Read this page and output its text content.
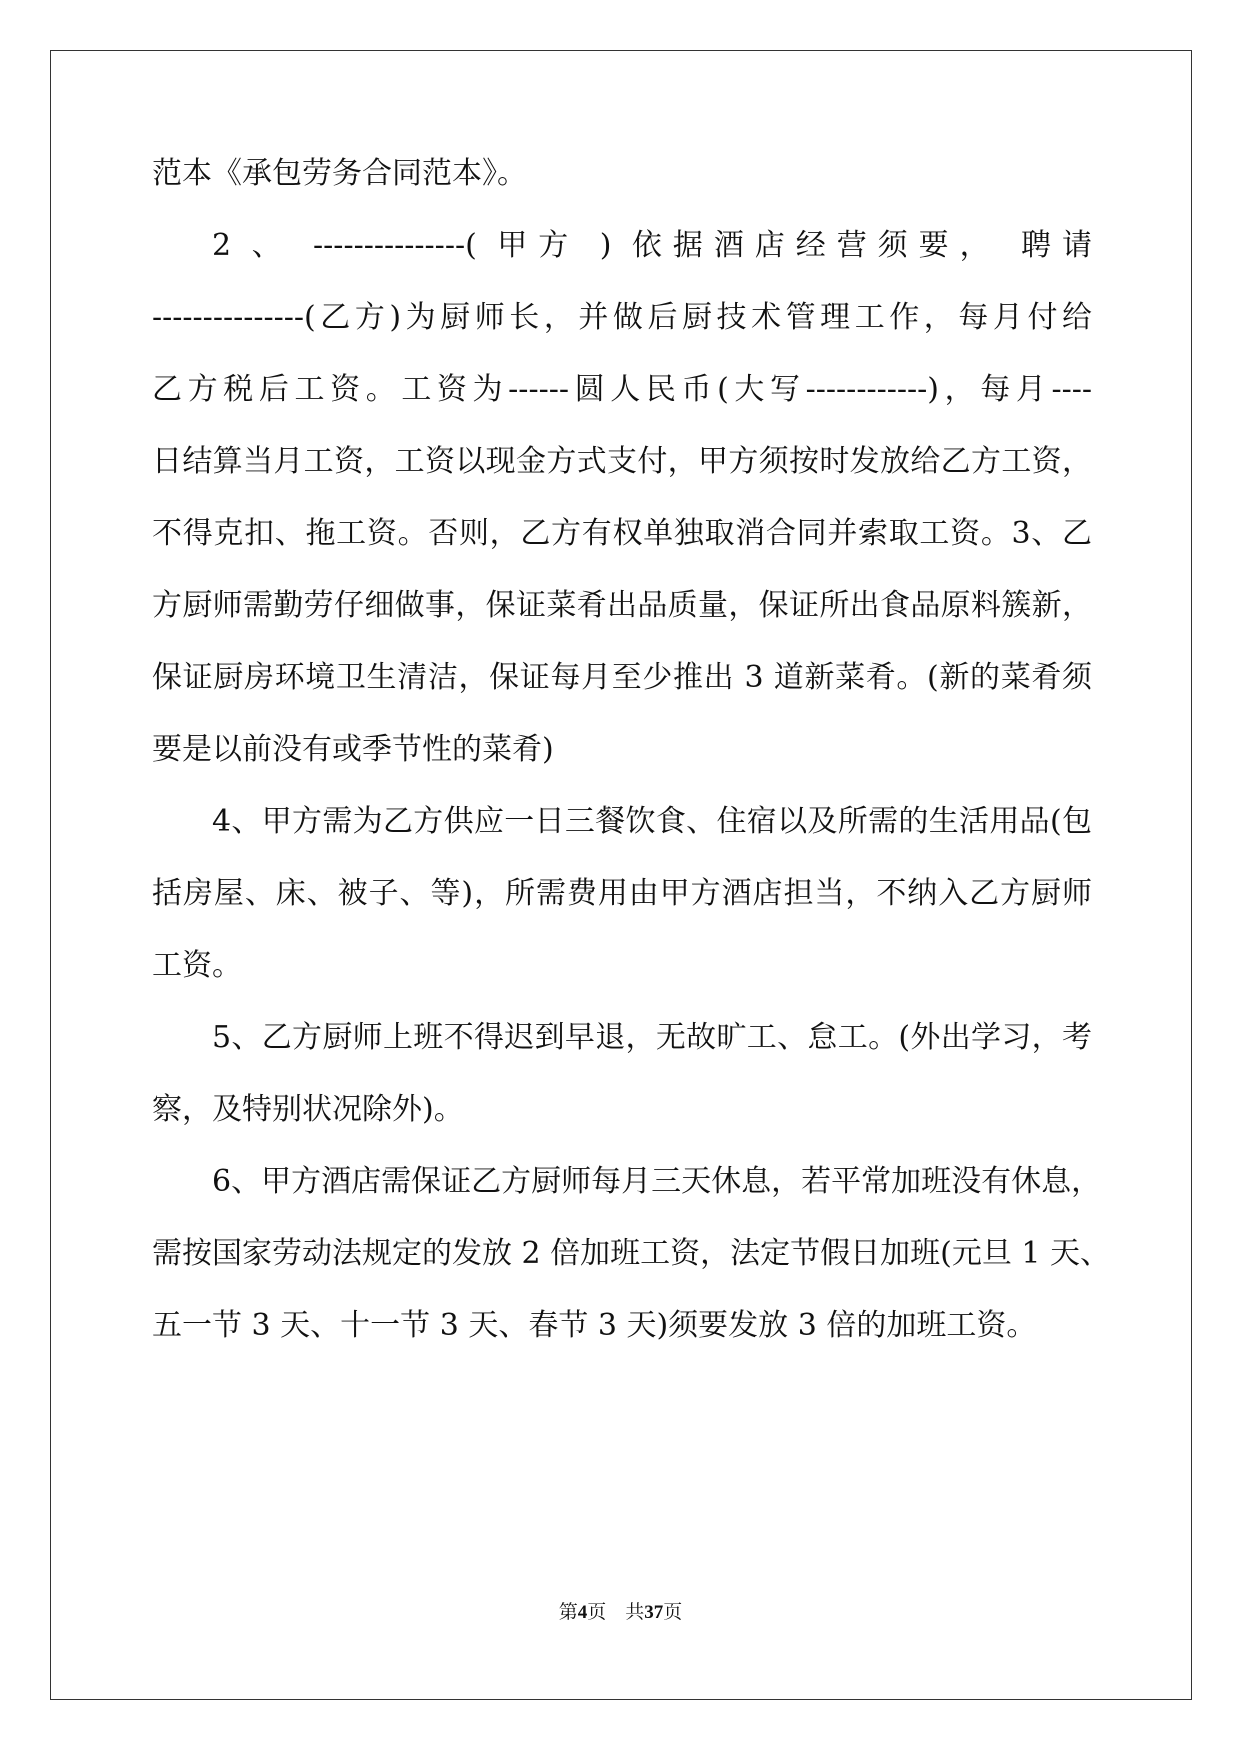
范本《承包劳务合同范本》。
2 、 ---------------( 甲方 ) 依据酒店经营须要， 聘请
---------------(乙方)为厨师长，并做后厨技术管理工作，每月付给
乙方税后工资。工资为------圆人民币(大写------------)，每月----
日结算当月工资，工资以现金方式支付，甲方须按时发放给乙方工资，
不得克扣、拖工资。否则，乙方有权单独取消合同并索取工资。3、乙
方厨师需勤劳仔细做事，保证菜肴出品质量，保证所出食品原料簇新，
保证厨房环境卫生清洁，保证每月至少推出 3 道新菜肴。(新的菜肴须
要是以前没有或季节性的菜肴)
4、甲方需为乙方供应一日三餐饮食、住宿以及所需的生活用品(包
括房屋、床、被子、等)，所需费用由甲方酒店担当，不纳入乙方厨师
工资。
5、乙方厨师上班不得迟到早退，无故旷工、怠工。(外出学习，考
察，及特别状况除外)。
6、甲方酒店需保证乙方厨师每月三天休息，若平常加班没有休息，
需按国家劳动法规定的发放 2 倍加班工资，法定节假日加班(元旦 1 天、
五一节 3 天、十一节 3 天、春节 3 天)须要发放 3 倍的加班工资。
第4页 共37页
